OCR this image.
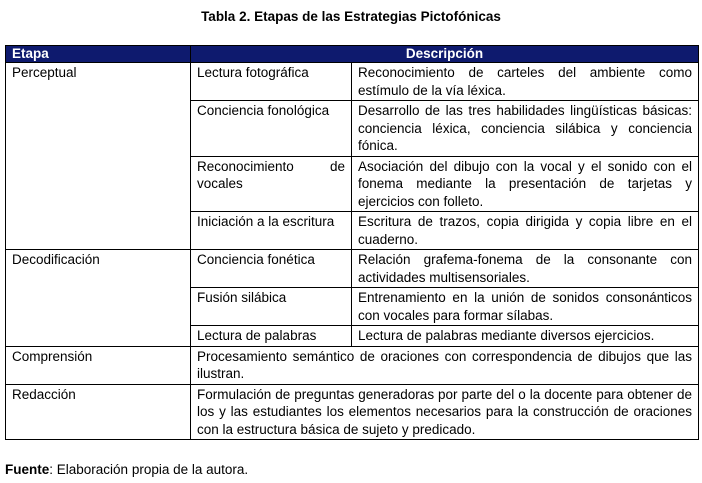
Tabla 2. Etapas de las Estrategias Pictofónicas
Etapa	Descripción	
Perceptual	Lectura fotográfica	Reconocimiento de carteles del ambiente como estímulo de la vía léxica.
	Conciencia fonológica	Desarrollo de las tres habilidades lingüísticas básicas: conciencia léxica, conciencia silábica y conciencia fónica.
	Reconocimiento de vocales	Asociación del dibujo con la vocal y el sonido con el fonema mediante la presentación de tarjetas y ejercicios con folleto.
	Iniciación a la escritura	Escritura de trazos, copia dirigida y copia libre en el cuaderno.
Decodificación	Conciencia fonética	Relación grafema-fonema de la consonante con actividades multisensoriales.
	Fusión silábica	Entrenamiento en la unión de sonidos consonánticos con vocales para formar sílabas.
	Lectura de palabras	Lectura de palabras mediante diversos ejercicios.
Comprensión	Procesamiento semántico de oraciones con correspondencia de dibujos que las ilustran.	
Redacción	Formulación de preguntas generadoras por parte del o la docente para obtener de los y las estudiantes los elementos necesarios para la construcción de oraciones con la estructura básica de sujeto y predicado.	
Fuente: Elaboración propia de la autora.
